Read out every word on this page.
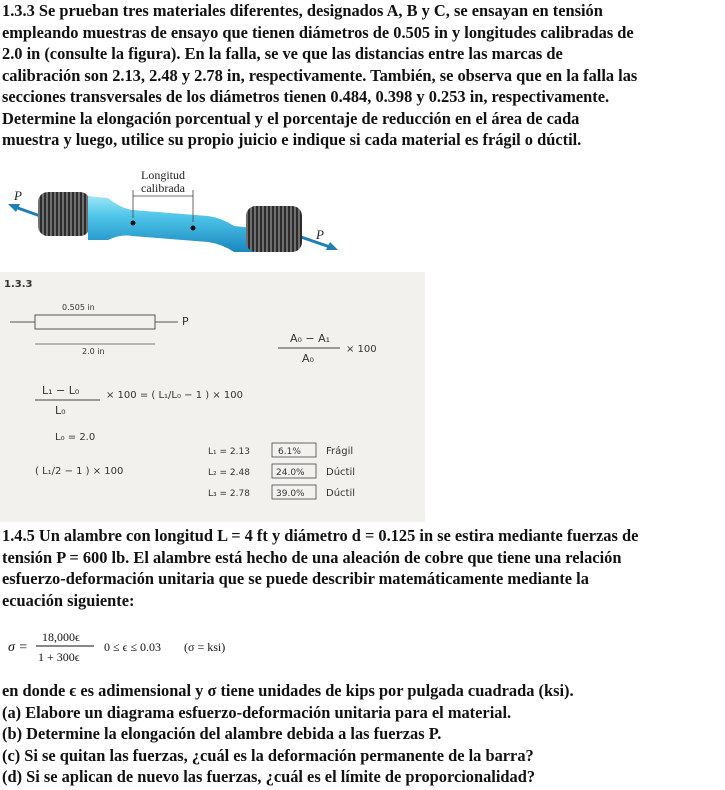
1.3.3 Se prueban tres materiales diferentes, designados A, B y C, se ensayan en tensión
empleando muestras de ensayo que tienen diámetros de 0.505 in y longitudes calibradas de
2.0 in (consulte la figura). En la falla, se ve que las distancias entre las marcas de
calibración son 2.13, 2.48 y 2.78 in, respectivamente. También, se observa que en la falla las
secciones transversales de los diámetros tienen 0.484, 0.398 y 0.253 in, respectivamente.
Determine la elongación porcentual y el porcentaje de reducción en el área de cada
muestra y luego, utilice su propio juicio e indique si cada material es frágil o dúctil.

Longitud
calibrada
P
P
1.3.3
0.505 in
P
2.0 in
A₀ − A₁
A₀
× 100
L₁ − L₀
L₀
× 100 = ( L₁/L₀ − 1 ) × 100
L₀ = 2.0
( L₁/2 − 1 ) × 100
L₁ = 2.13	6.1%	Frágil
L₂ = 2.48	24.0% Dúctil
L₃ = 2.78	39.0% Dúctil

1.4.5 Un alambre con longitud L = 4 ft y diámetro d = 0.125 in se estira mediante fuerzas de
tensión P = 600 lb. El alambre está hecho de una aleación de cobre que tiene una relación
esfuerzo-deformación unitaria que se puede describir matemáticamente mediante la
ecuación siguiente:

σ =
18,000ϵ
1 + 300ϵ
0 ≤ ϵ ≤ 0.03 (σ = ksi)

en donde ϵ es adimensional y σ tiene unidades de kips por pulgada cuadrada (ksi).
(a) Elabore un diagrama esfuerzo-deformación unitaria para el material.
(b) Determine la elongación del alambre debida a las fuerzas P.
(c) Si se quitan las fuerzas, ¿cuál es la deformación permanente de la barra?
(d) Si se aplican de nuevo las fuerzas, ¿cuál es el límite de proporcionalidad?
